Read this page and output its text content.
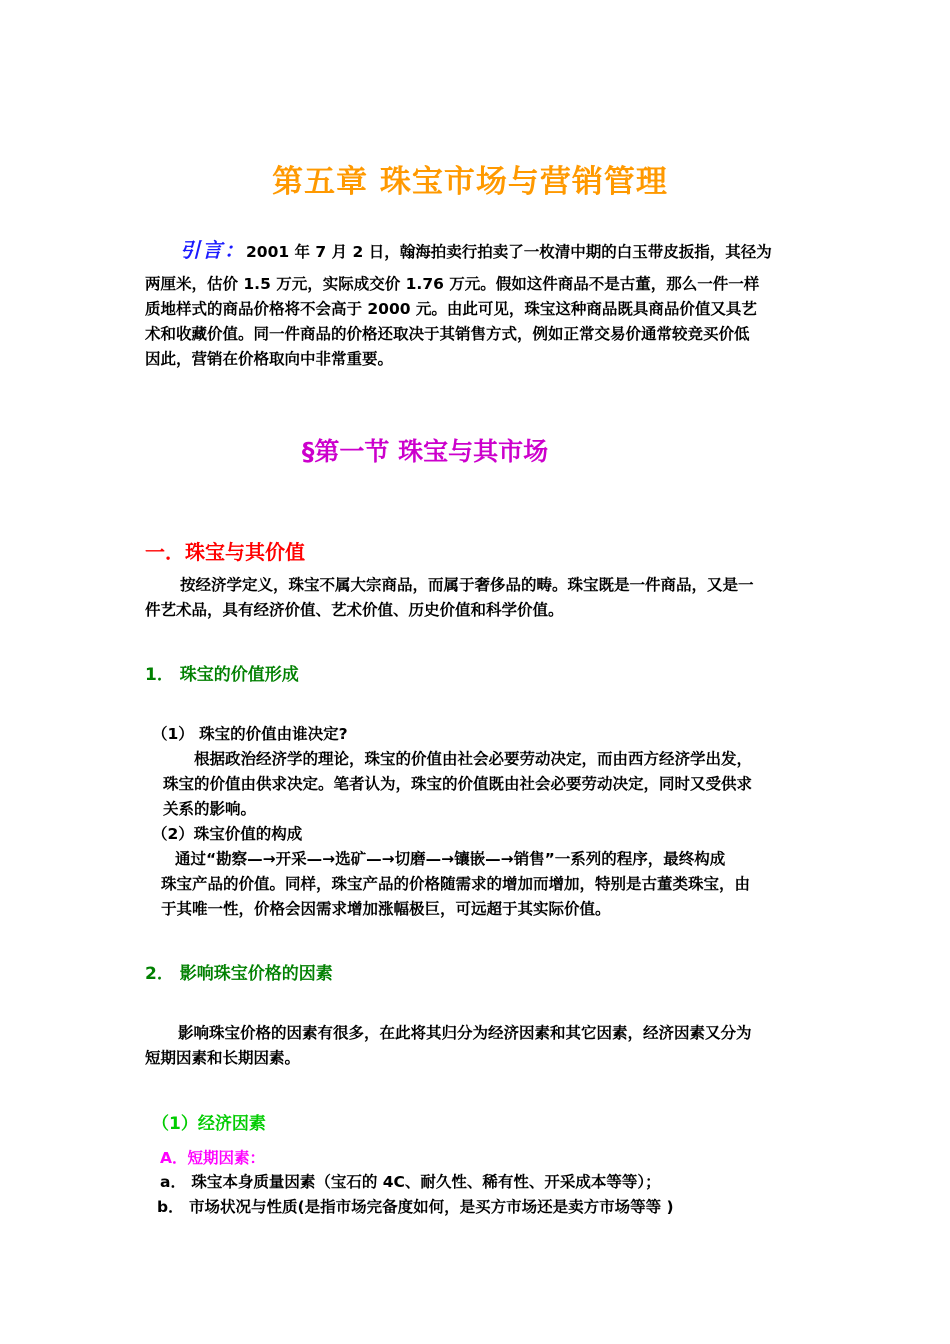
第五章 珠宝市场与营销管理
引言：2001 年 7 月 2 日，翰海拍卖行拍卖了一枚清中期的白玉带皮扳指，其径为
两厘米，估价 1.5 万元，实际成交价 1.76 万元。假如这件商品不是古董，那么一件一样
质地样式的商品价格将不会高于 2000 元。由此可见，珠宝这种商品既具商品价值又具艺
术和收藏价值。同一件商品的价格还取决于其销售方式，例如正常交易价通常较竞买价低
因此，营销在价格取向中非常重要。
§第一节 珠宝与其市场
一．珠宝与其价值
按经济学定义，珠宝不属大宗商品，而属于奢侈品的畴。珠宝既是一件商品，又是一
件艺术品，具有经济价值、艺术价值、历史价值和科学价值。
1． 珠宝的价值形成
（1） 珠宝的价值由谁决定?
根据政治经济学的理论，珠宝的价值由社会必要劳动决定，而由西方经济学出发，
珠宝的价值由供求决定。笔者认为，珠宝的价值既由社会必要劳动决定，同时又受供求
关系的影响。
（2）珠宝价值的构成
通过“勘察—→开采—→选矿—→切磨—→镶嵌—→销售”一系列的程序，最终构成
珠宝产品的价值。同样，珠宝产品的价格随需求的增加而增加，特别是古董类珠宝，由
于其唯一性，价格会因需求增加涨幅极巨，可远超于其实际价值。
2． 影响珠宝价格的因素
影响珠宝价格的因素有很多，在此将其归分为经济因素和其它因素，经济因素又分为
短期因素和长期因素。
（1）经济因素
A．短期因素：
a． 珠宝本身质量因素（宝石的 4C、耐久性、稀有性、开采成本等等）；
b． 市场状况与性质(是指市场完备度如何，是买方市场还是卖方市场等等 )
